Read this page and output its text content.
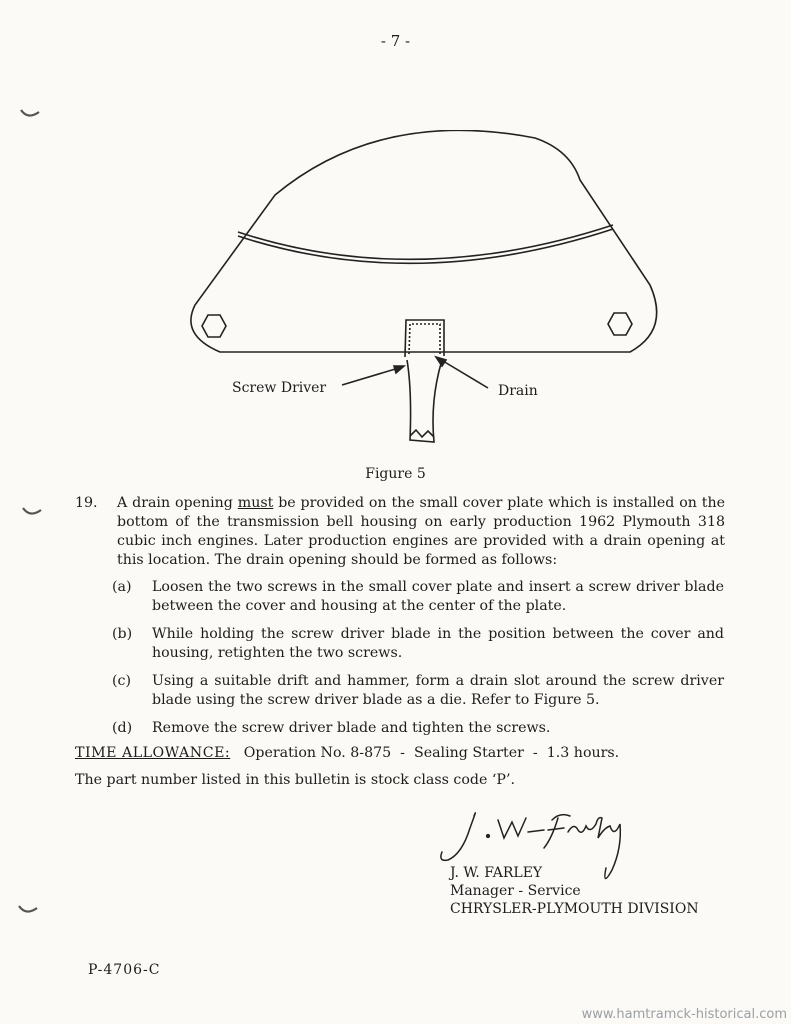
- 7 -
Screw Driver	Drain
Figure 5
19. A drain opening must be provided on the small cover plate which is installed on the bottom of the transmission bell housing on early production 1962 Plymouth 318 cubic inch engines. Later production engines are provided with a drain opening at this location. The drain opening should be formed as follows:
(a) Loosen the two screws in the small cover plate and insert a screw driver blade between the cover and housing at the center of the plate.
(b) While holding the screw driver blade in the position between the cover and housing, retighten the two screws.
(c) Using a suitable drift and hammer, form a drain slot around the screw driver blade using the screw driver blade as a die. Refer to Figure 5.
(d) Remove the screw driver blade and tighten the screws.
TIME ALLOWANCE:   Operation No. 8-875  -  Sealing Starter  -  1.3 hours.
The part number listed in this bulletin is stock class code ‘P’.
J. W. FARLEY
Manager - Service
CHRYSLER-PLYMOUTH DIVISION
P-4706-C
www.hamtramck-historical.com
